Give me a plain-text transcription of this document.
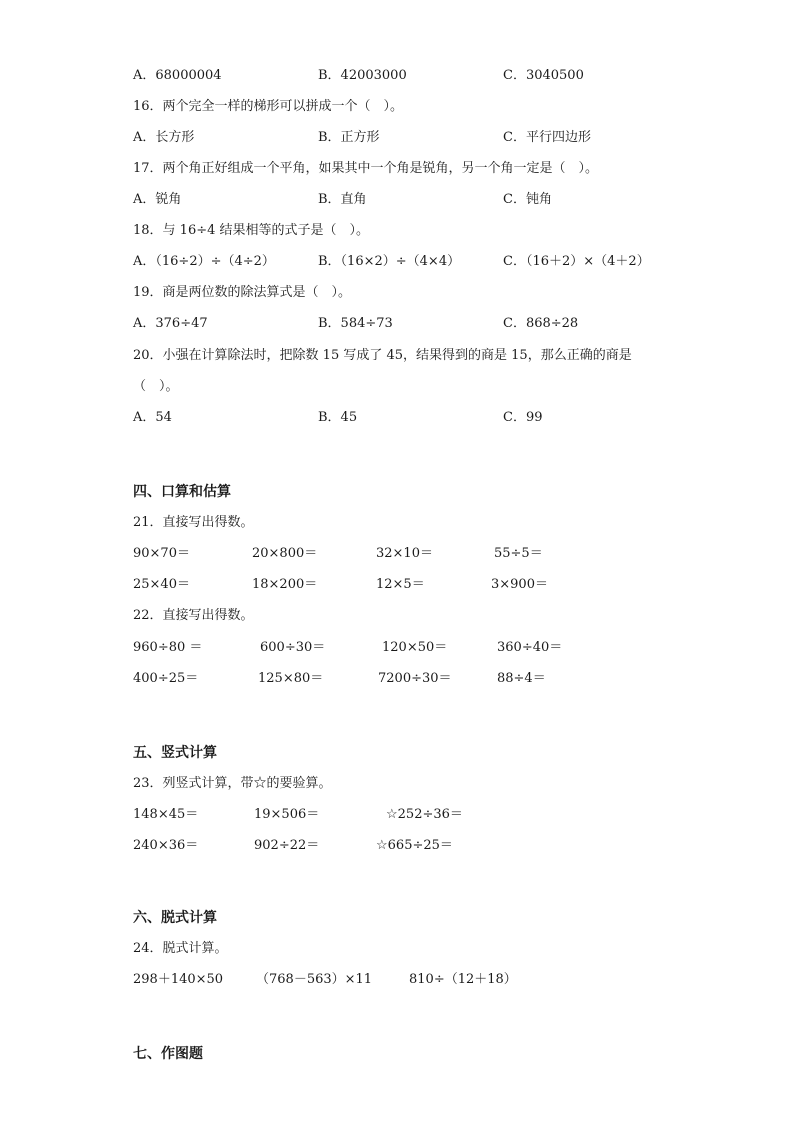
A．68000004	B．42003000	C．3040500
16．两个完全一样的梯形可以拼成一个（　）。
A．长方形	B．正方形	C．平行四边形
17．两个角正好组成一个平角，如果其中一个角是锐角，另一个角一定是（　）。
A．锐角	B．直角	C．钝角
18．与 16÷4 结果相等的式子是（　）。
A．（16÷2）÷（4÷2）	B．（16×2）÷（4×4）	C．（16＋2）×（4＋2）
19．商是两位数的除法算式是（　）。
A．376÷47	B．584÷73	C．868÷28
20．小强在计算除法时，把除数 15 写成了 45，结果得到的商是 15，那么正确的商是
（　）。
A．54	B．45	C．99
四、口算和估算
21．直接写出得数。
90×70＝	20×800＝	32×10＝	55÷5＝
25×40＝	18×200＝	12×5＝	3×900＝
22．直接写出得数。
960÷80 ＝	600÷30＝	120×50＝	360÷40＝
400÷25＝	125×80＝	7200÷30＝	88÷4＝
五、竖式计算
23．列竖式计算，带☆的要验算。
148×45＝	19×506＝	☆252÷36＝
240×36＝	902÷22＝	☆665÷25＝
六、脱式计算
24．脱式计算。
298＋140×50	（768－563）×11	810÷（12＋18）
七、作图题
